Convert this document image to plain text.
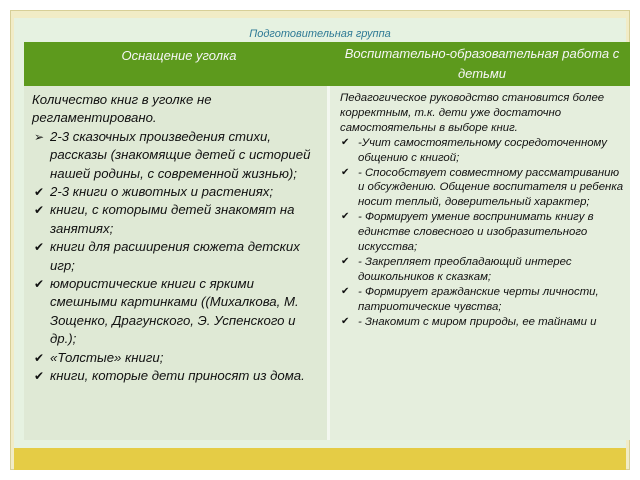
Подготовительная группа
Оснащение уголка	Воспитательно-образовательная работа с детьми

Количество книг в уголке не регламентировано.

➢ 2-3 сказочных произведения стихи, рассказы (знакомящие детей с историей нашей родины, с современной жизнью);
✔ 2-3 книги о животных и растениях;
✔ книги, с которыми детей знакомят на занятиях;
✔ книги для расширения сюжета детских игр;
✔ юмористические книги с яркими смешными картинками ((Михалкова, М. Зощенко, Драгунского, Э. Успенского и др.);
✔ «Толстые» книги;
✔ книги, которые дети приносят из дома.

Педагогическое руководство становится более корректным, т.к. дети уже достаточно самостоятельны в выборе книг.

✔ -Учит самостоятельному сосредоточенному общению с книгой;
✔ - Способствует совместному рассматриванию и обсуждению. Общение воспитателя и ребенка носит теплый, доверительный характер;
✔ - Формирует умение воспринимать книгу в единстве словесного и изобразительного искусства;
✔ - Закрепляет преобладающий интерес дошкольников к сказкам;
✔ - Формирует гражданские черты личности, патриотические чувства;
✔ - Знакомит с миром природы, ее тайнами и
